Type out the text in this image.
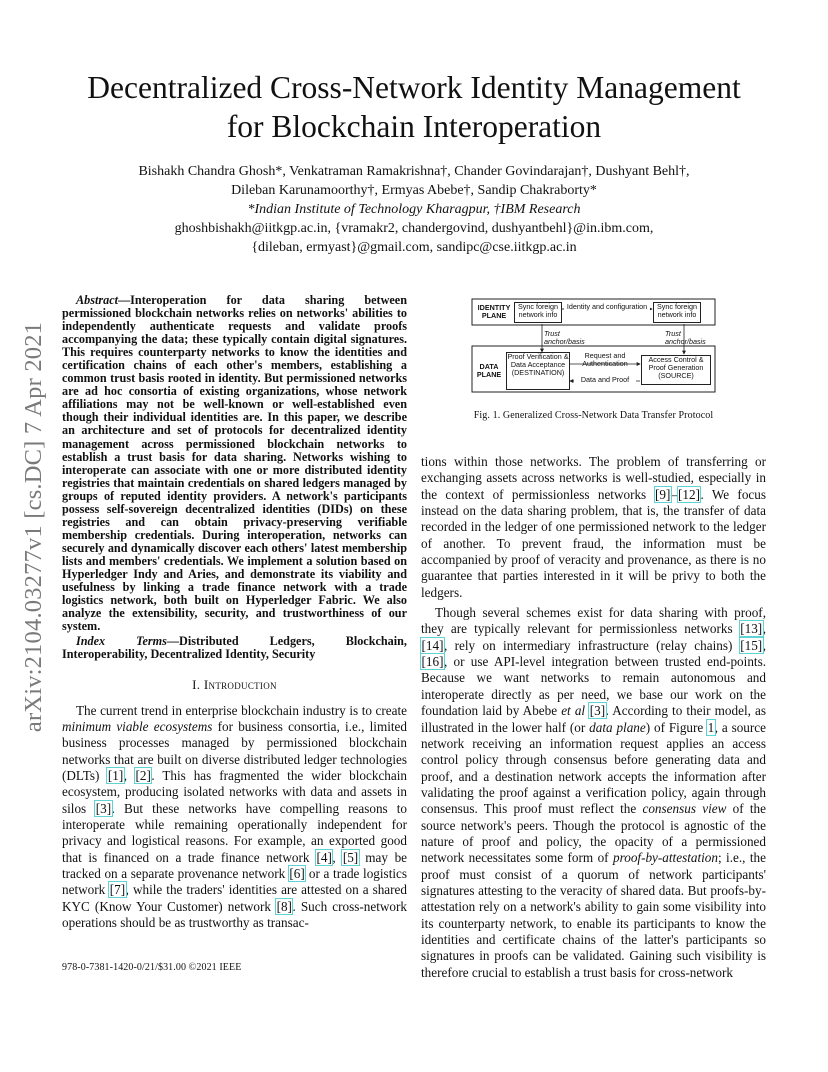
arXiv:2104.03277v1 [cs.DC] 7 Apr 2021
Decentralized Cross-Network Identity Management
for Blockchain Interoperation
Bishakh Chandra Ghosh*, Venkatraman Ramakrishna†, Chander Govindarajan†, Dushyant Behl†,
Dileban Karunamoorthy†, Ermyas Abebe†, Sandip Chakraborty*
*Indian Institute of Technology Kharagpur, †IBM Research
ghoshbishakh@iitkgp.ac.in, {vramakr2, chandergovind, dushyantbehl}@in.ibm.com,
{dileban, ermyast}@gmail.com, sandipc@cse.iitkgp.ac.in

Abstract—Interoperation for data sharing between permissioned blockchain networks relies on networks' abilities to independently authenticate requests and validate proofs accompanying the data; these typically contain digital signatures. This requires counterparty networks to know the identities and certification chains of each other's members, establishing a common trust basis rooted in identity. But permissioned networks are ad hoc consortia of existing organizations, whose network affiliations may not be well-known or well-established even though their individual identities are. In this paper, we describe an architecture and set of protocols for decentralized identity management across permissioned blockchain networks to establish a trust basis for data sharing. Networks wishing to interoperate can associate with one or more distributed identity registries that maintain credentials on shared ledgers managed by groups of reputed identity providers. A network's participants possess self-sovereign decentralized identities (DIDs) on these registries and can obtain privacy-preserving verifiable membership credentials. During interoperation, networks can securely and dynamically discover each others' latest membership lists and members' credentials. We implement a solution based on Hyperledger Indy and Aries, and demonstrate its viability and usefulness by linking a trade finance network with a trade logistics network, both built on Hyperledger Fabric. We also analyze the extensibility, security, and trustworthiness of our system.

Index Terms—Distributed Ledgers, Blockchain, Interoperability, Decentralized Identity, Security

I. Introduction

The current trend in enterprise blockchain industry is to create minimum viable ecosystems for business consortia, i.e., limited business processes managed by permissioned blockchain networks that are built on diverse distributed ledger technologies (DLTs) [1], [2]. This has fragmented the wider blockchain ecosystem, producing isolated networks with data and assets in silos [3]. But these networks have compelling reasons to interoperate while remaining operationally independent for privacy and logistical reasons. For example, an exported good that is financed on a trade finance network [4], [5] may be tracked on a separate provenance network [6] or a trade logistics network [7], while the traders' identities are attested on a shared KYC (Know Your Customer) network [8]. Such cross-network operations should be as trustworthy as transac-

978-0-7381-1420-0/21/$31.00 ©2021 IEEE
IDENTITY PLANE
Sync foreign network info
Identity and configuration	Sync foreign network info
Trust anchor/basis
Trust anchor/basis
DATA PLANE
Proof Verification & Data Acceptance (DESTINATION)
Request and Authentication
Data and Proof
Access Control & Proof Generation (SOURCE)
Fig. 1. Generalized Cross-Network Data Transfer Protocol

tions within those networks. The problem of transferring or exchanging assets across networks is well-studied, especially in the context of permissionless networks [9]–[12]. We focus instead on the data sharing problem, that is, the transfer of data recorded in the ledger of one permissioned network to the ledger of another. To prevent fraud, the information must be accompanied by proof of veracity and provenance, as there is no guarantee that parties interested in it will be privy to both the ledgers.

Though several schemes exist for data sharing with proof, they are typically relevant for permissionless networks [13], [14], rely on intermediary infrastructure (relay chains) [15], [16], or use API-level integration between trusted end-points. Because we want networks to remain autonomous and interoperate directly as per need, we base our work on the foundation laid by Abebe et al [3]. According to their model, as illustrated in the lower half (or data plane) of Figure 1, a source network receiving an information request applies an access control policy through consensus before generating data and proof, and a destination network accepts the information after validating the proof against a verification policy, again through consensus. This proof must reflect the consensus view of the source network's peers. Though the protocol is agnostic of the nature of proof and policy, the opacity of a permissioned network necessitates some form of proof-by-attestation; i.e., the proof must consist of a quorum of network participants' signatures attesting to the veracity of shared data. But proofs-by-attestation rely on a network's ability to gain some visibility into its counterparty network, to enable its participants to know the identities and certificate chains of the latter's participants so signatures in proofs can be validated. Gaining such visibility is therefore crucial to establish a trust basis for cross-network
